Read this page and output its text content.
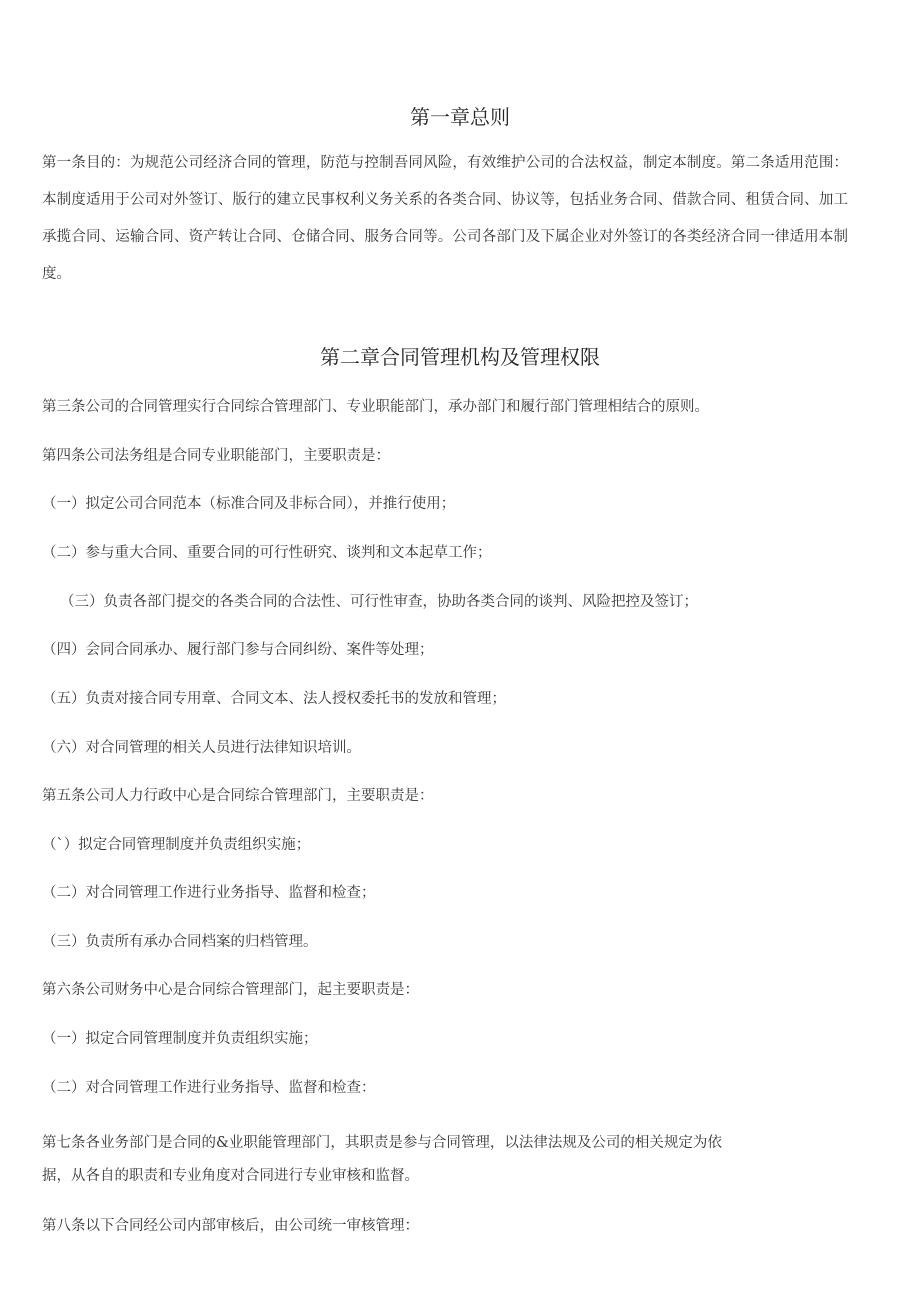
第一章总则
第一条目的：为规范公司经济合同的管理，防范与控制吾同风险，有效维护公司的合法权益，制定本制度。第二条适用范围：本制度适用于公司对外签订、版行的建立民事权利义务关系的各类合同、协议等，包括业务合同、借款合同、租赁合同、加工承揽合同、运输合同、资产转让合同、仓储合同、服务合同等。公司各部门及下属企业对外签订的各类经济合同一律适用本制度。
第二章合同管理机构及管理权限
第三条公司的合同管理实行合同综合管理部门、专业职能部门，承办部门和履行部门管理相结合的原则。
第四条公司法务组是合同专业职能部门，主要职责是：
（一）拟定公司合同范本（标准合同及非标合同），并推行使用；
（二）参与重大合同、重要合同的可行性研究、谈判和文本起草工作；
（三）负责各部门提交的各类合同的合法性、可行性审查，协助各类合同的谈判、风险把控及签订；
（四）会同合同承办、履行部门参与合同纠纷、案件等处理；
（五）负责对接合同专用章、合同文本、法人授权委托书的发放和管理；
（六）对合同管理的相关人员进行法律知识培训。
第五条公司人力行政中心是合同综合管理部门，主要职责是：
（`）拟定合同管理制度并负责组织实施；
（二）对合同管理工作进行业务指导、监督和检查；
（三）负责所有承办合同档案的归档管理。
第六条公司财务中心是合同综合管理部门，起主要职责是：
（一）拟定合同管理制度并负责组织实施；
（二）对合同管理工作进行业务指导、监督和检查：
第七条各业务部门是合同的&业职能管理部门，其职责是参与合同管理，以法律法规及公司的相关规定为依
据，从各自的职责和专业角度对合同进行专业审核和监督。
第八条以下合同经公司内部审核后，由公司统一审核管理：
